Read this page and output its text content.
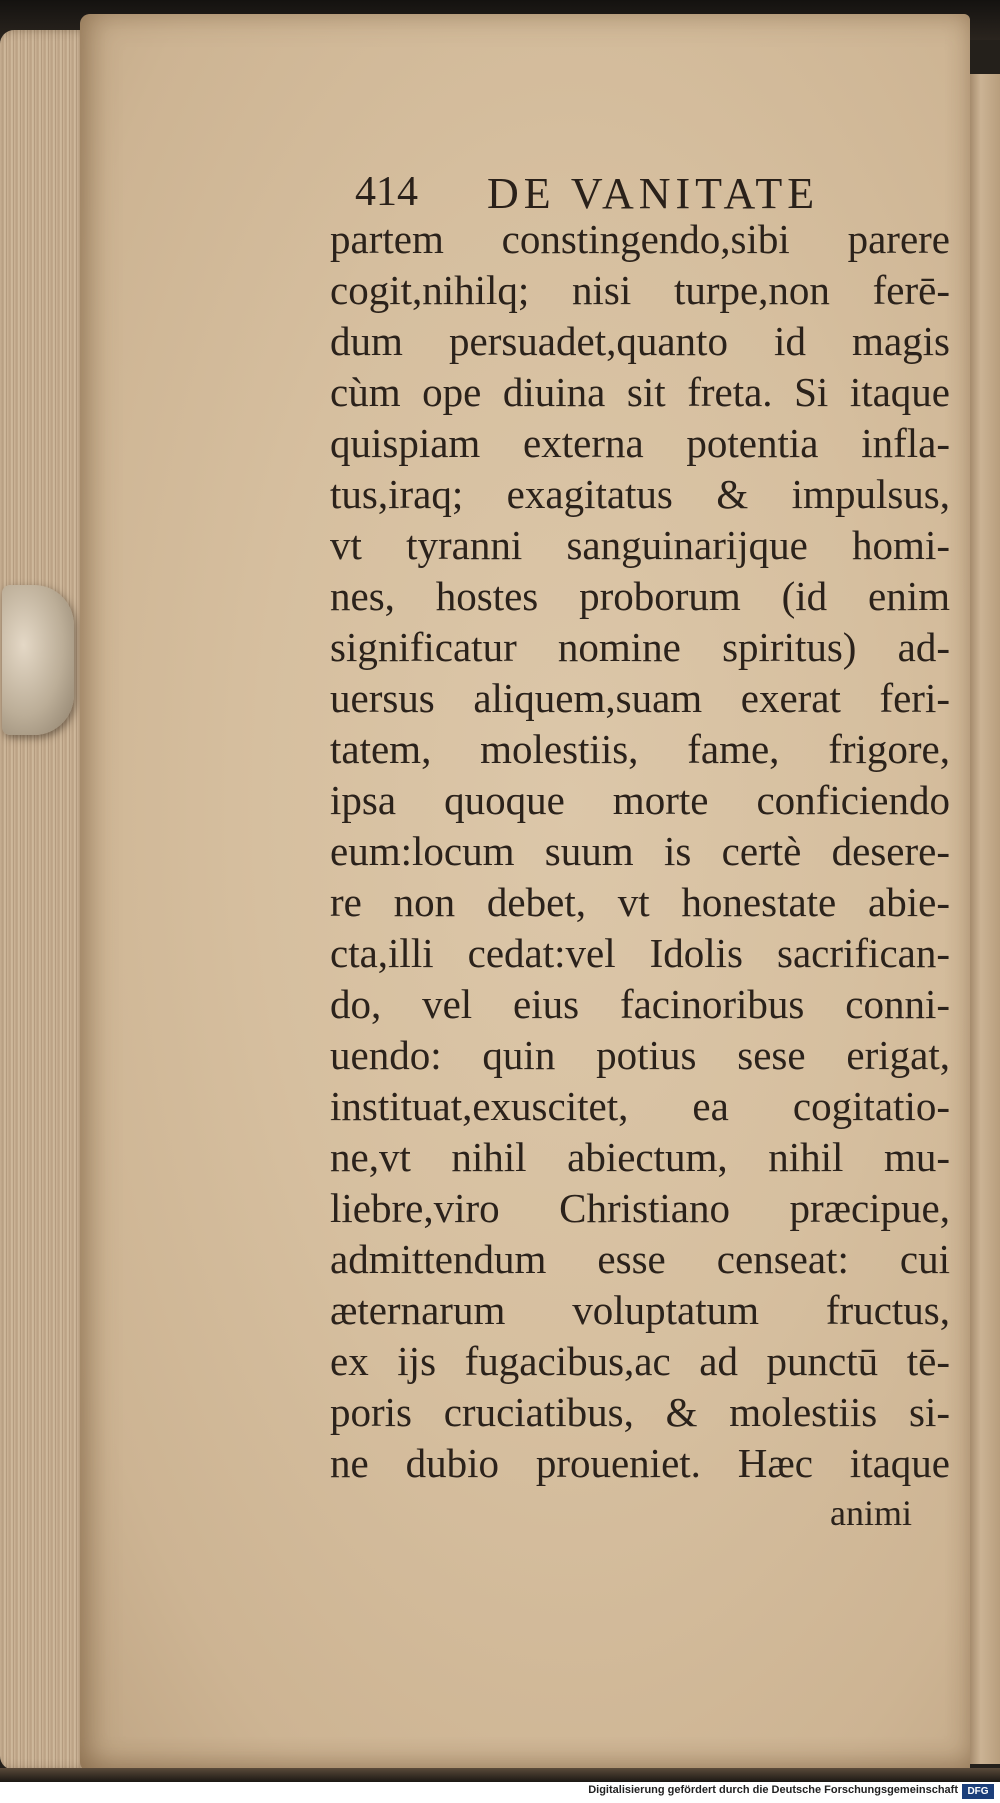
414 DE VANITATE
partem constingendo,sibi parere
cogit,nihilq; nisi turpe,non ferē-
dum persuadet,quanto id magis
cùm ope diuina sit freta. Si itaque
quispiam externa potentia infla-
tus,iraq; exagitatus & impulsus,
vt tyranni sanguinarijque homi-
nes, hostes proborum (id enim
significatur nomine spiritus) ad-
uersus aliquem,suam exerat feri-
tatem, molestiis, fame, frigore,
ipsa quoque morte conficiendo
eum:locum suum is certè desere-
re non debet, vt honestate abie-
cta,illi cedat:vel Idolis sacrifican-
do, vel eius facinoribus conni-
uendo: quin potius sese erigat,
instituat,exuscitet, ea cogitatio-
ne,vt nihil abiectum, nihil mu-
liebre,viro Christiano præcipue,
admittendum esse censeat: cui
æternarum voluptatum fructus,
ex ijs fugacibus,ac ad punctū tē-
poris cruciatibus, & molestiis si-
ne dubio proueniet. Hæc itaque
animi
Digitalisierung gefördert durch die Deutsche Forschungsgemeinschaft DFG
